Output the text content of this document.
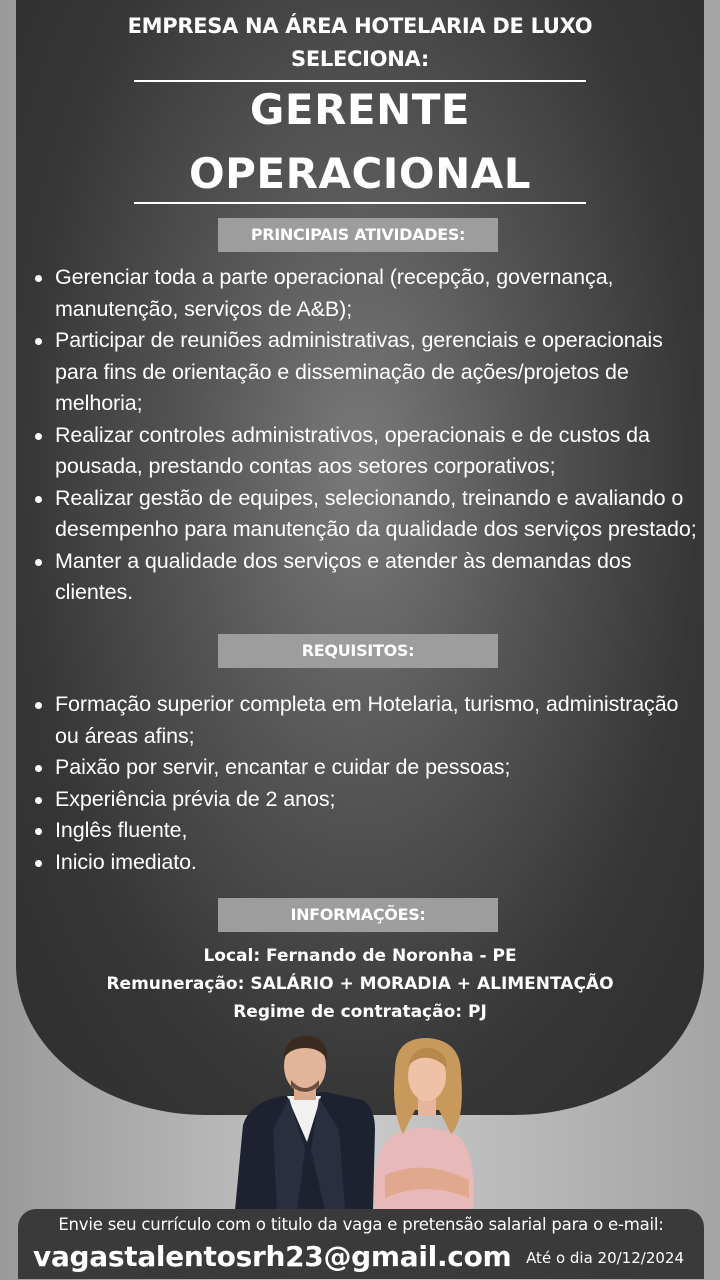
EMPRESA NA ÁREA HOTELARIA DE LUXO
SELECIONA:
GERENTE
OPERACIONAL
PRINCIPAIS ATIVIDADES:
Gerenciar toda a parte operacional (recepção, governança, manutenção, serviços de A&B);
Participar de reuniões administrativas, gerenciais e operacionais para fins de orientação e disseminação de ações/projetos de melhoria;
Realizar controles administrativos, operacionais e de custos da pousada, prestando contas aos setores corporativos;
Realizar gestão de equipes, selecionando, treinando e avaliando o desempenho para manutenção da qualidade dos serviços prestado;
Manter a qualidade dos serviços e atender às demandas dos clientes.
REQUISITOS:
Formação superior completa em Hotelaria, turismo, administração ou áreas afins;
Paixão por servir, encantar e cuidar de pessoas;
Experiência prévia de 2 anos;
Inglês fluente,
Inicio imediato.
INFORMAÇÕES:
Local: Fernando de Noronha - PE
Remuneração: SALÁRIO + MORADIA + ALIMENTAÇÃO
Regime de contratação: PJ
Envie seu currículo com o titulo da vaga e pretensão salarial para o e-mail:
vagastalentosrh23@gmail.com Até o dia 20/12/2024
